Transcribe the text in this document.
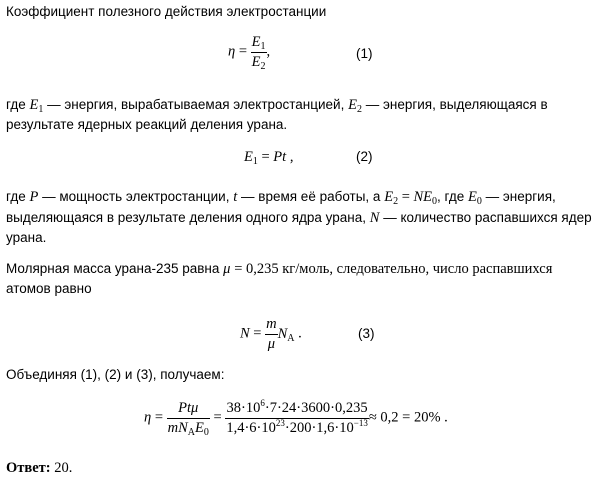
Коэффициент полезного действия электростанции
$\eta = \frac{E_1}{E_2}$ ,	(1)
где $E_1$ — энергия, вырабатываемая электростанцией, $E_2$ — энергия, выделяющаяся в
результате ядерных реакций деления урана.
$E_1 = Pt$ ,	(2)
где P — мощность электростанции, t — время её работы, а $E_2 = NE_0$, где $E_0$ — энергия,
выделяющаяся в результате деления одного ядра урана, N — количество распавшихся ядер
урана.
Молярная масса урана-235 равна μ = 0,235 кг/моль, следовательно, число распавшихся
атомов равно
$N = \frac{m}{\mu} N_A$ .	(3)
Объединяя (1), (2) и (3), получаем:
$\eta = \frac{\text{Ptμ}}{mN_AE_0} = \frac{38\cdot 10^6\cdot 7\cdot 24\cdot 3600\cdot 0,235}{1,4\cdot 6\cdot 10^{23}\cdot 200\cdot 1,6\cdot 10^{-13}} \approx 0,2 = 20\%$ .
Ответ: 20.
